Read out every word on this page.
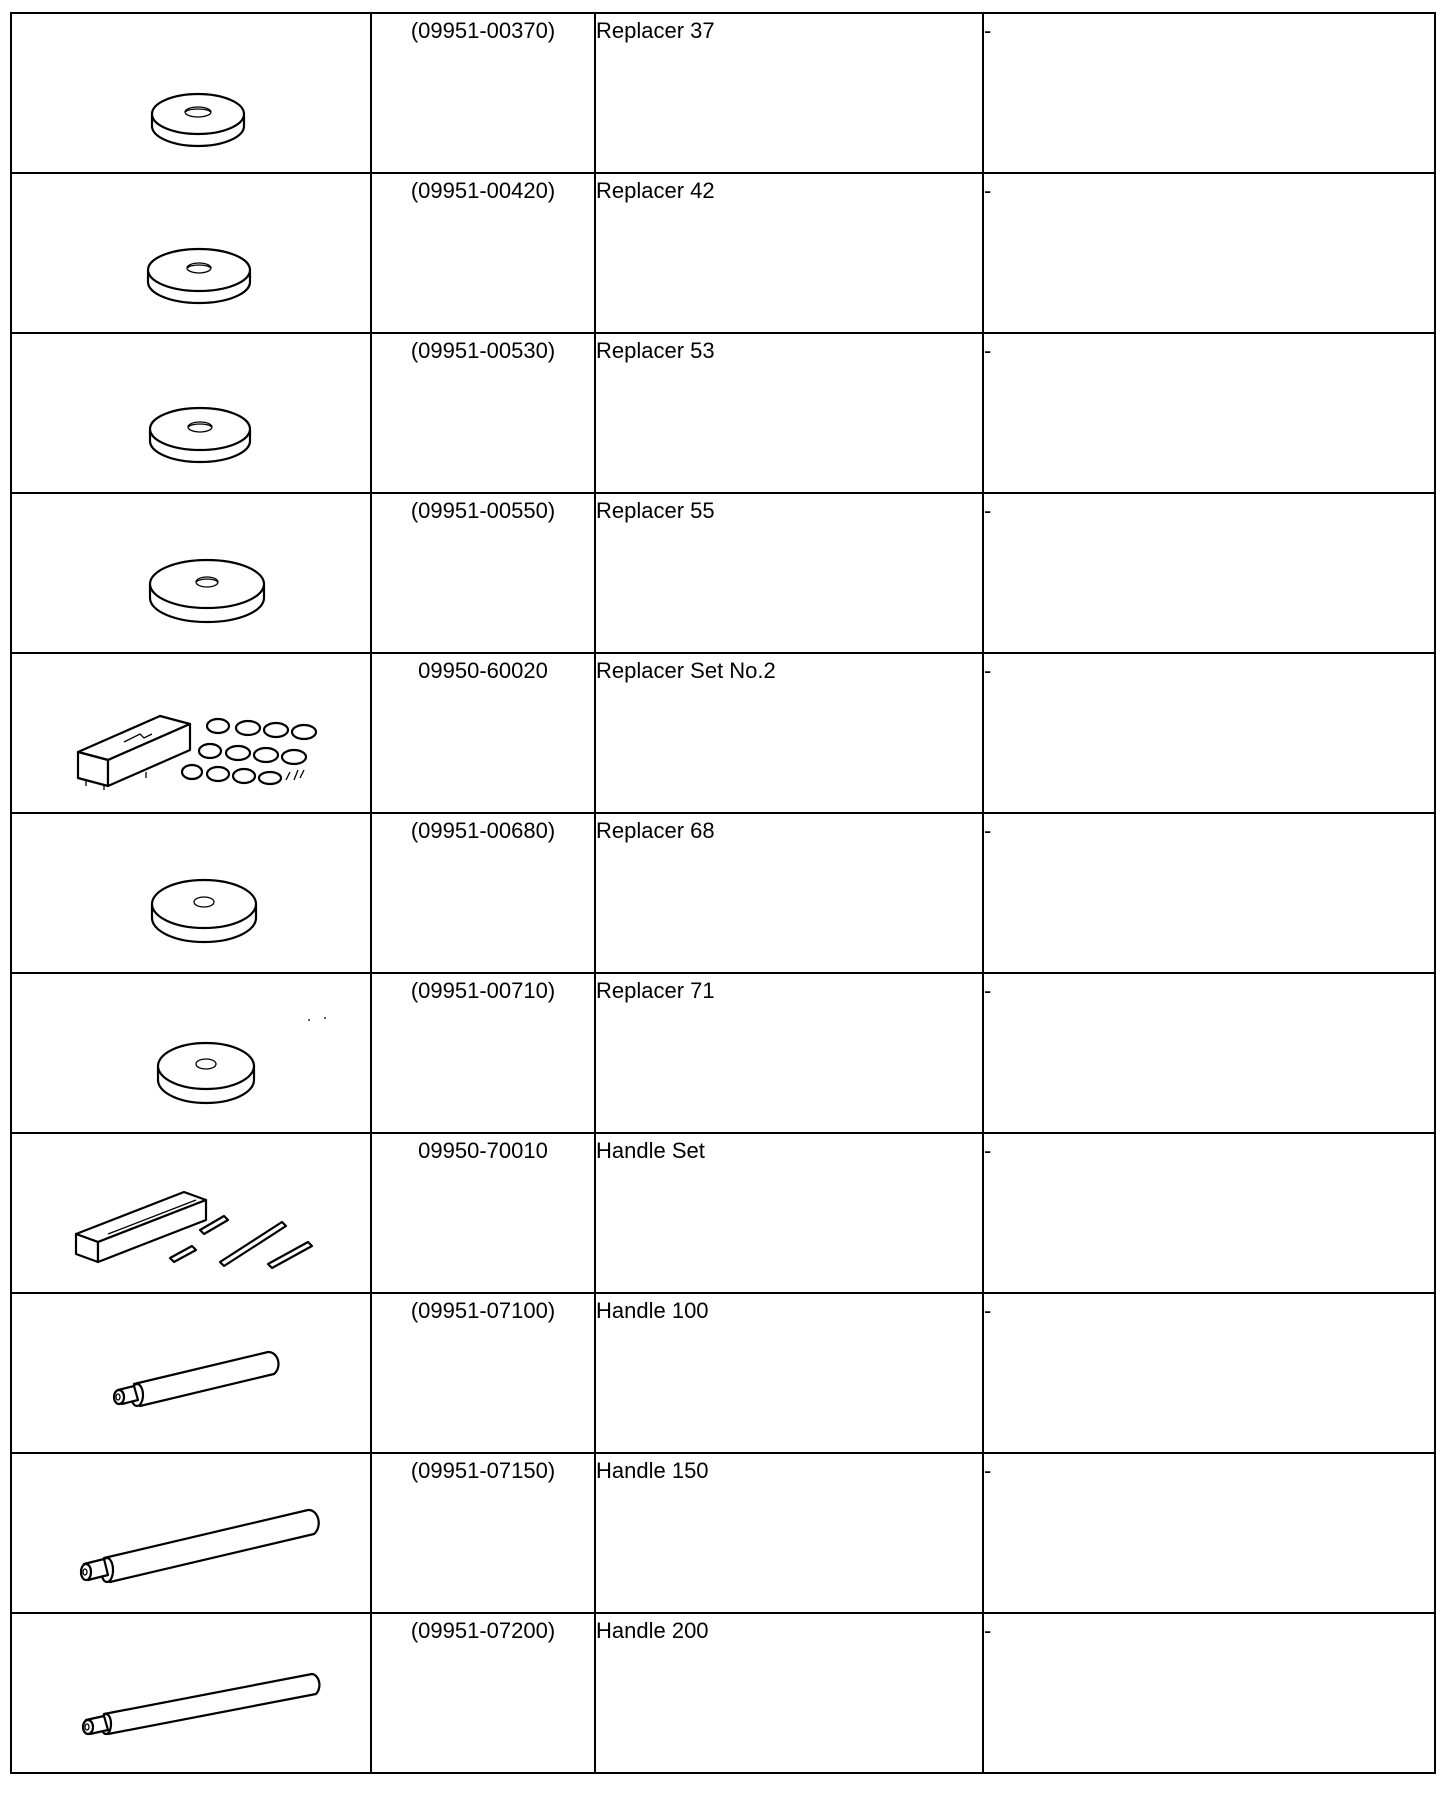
(09951-00370)	Replacer 37	-

(09951-00420)	Replacer 42	-

(09951-00530)	Replacer 53	-

(09951-00550)	Replacer 55	-

09950-60020	Replacer Set No.2	-

(09951-00680)	Replacer 68	-

(09951-00710)	Replacer 71	-

09950-70010	Handle Set	-

(09951-07100)	Handle 100	-

(09951-07150)	Handle 150	-

(09951-07200)	Handle 200	-
